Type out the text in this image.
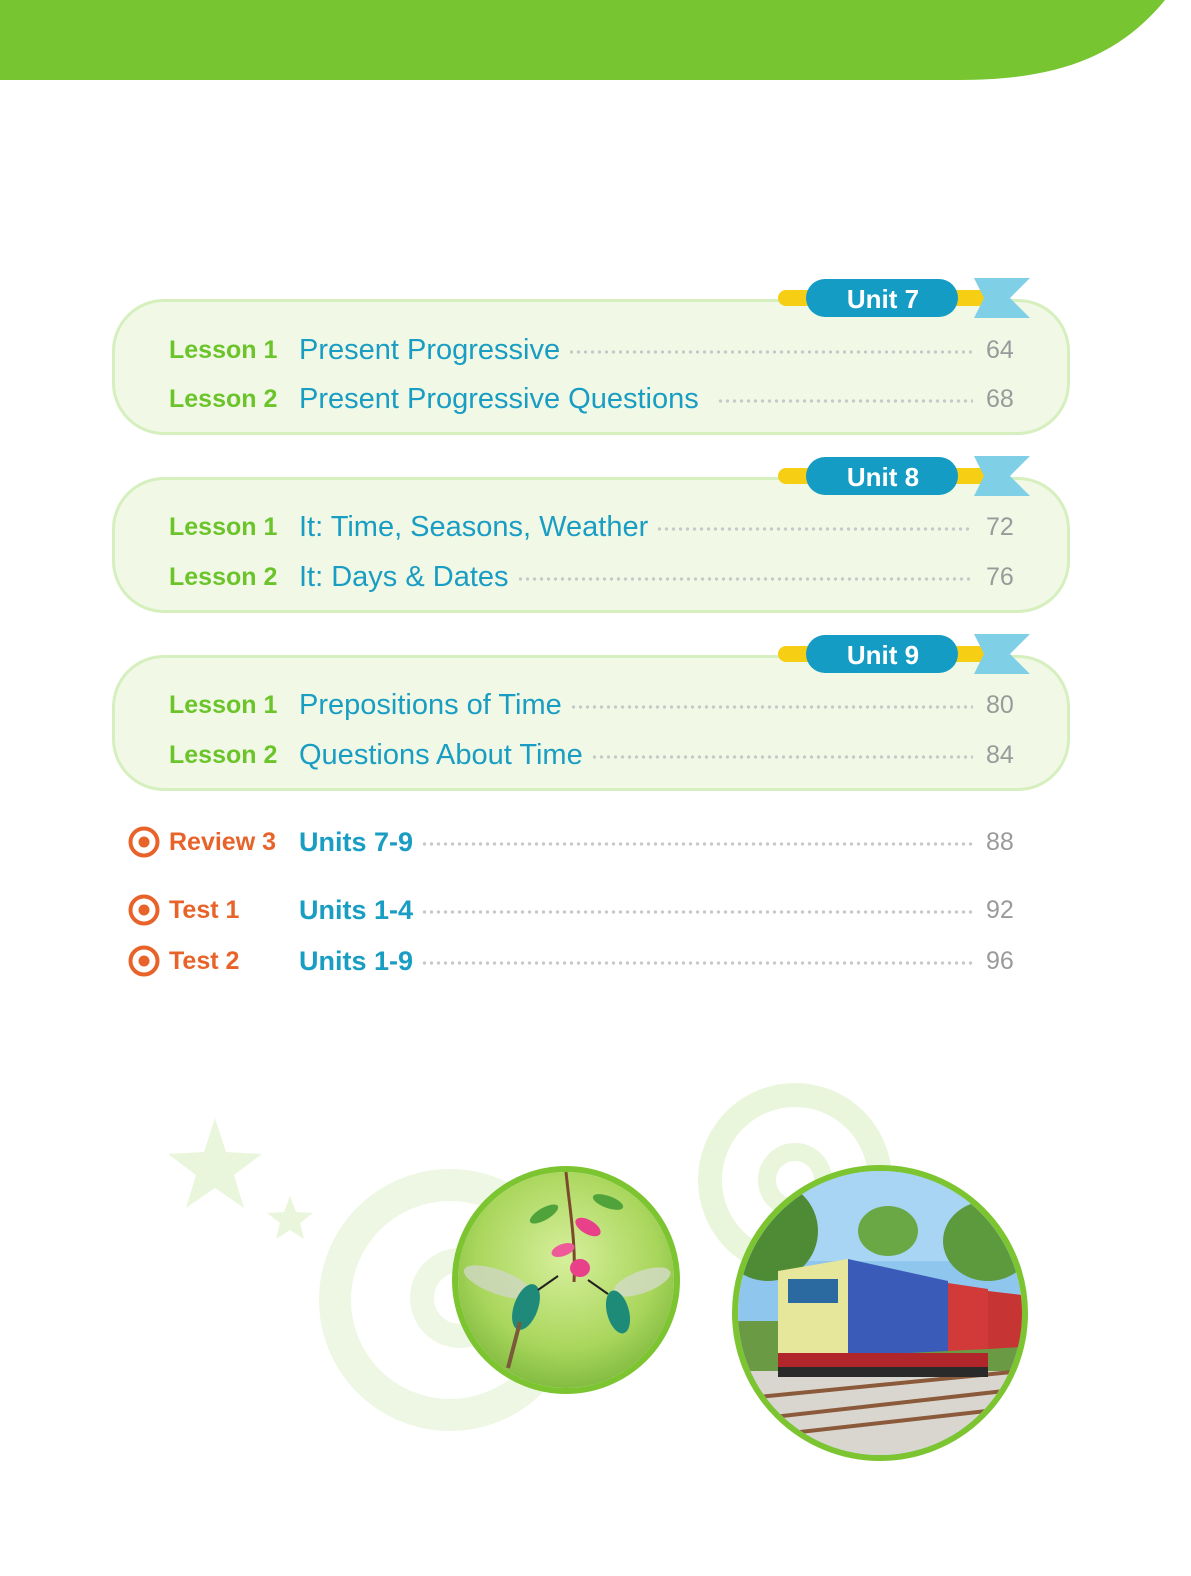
Unit 7
Lesson 1 Present Progressive	64
Lesson 2 Present Progressive Questions	68
Unit 8
Lesson 1 It: Time, Seasons, Weather	72
Lesson 2 It: Days & Dates	76
Unit 9
Lesson 1 Prepositions of Time	80
Lesson 2 Questions About Time	84
Review 3 Units 7-9	88
Test 1 Units 1-4	92
Test 2 Units 1-9	96
